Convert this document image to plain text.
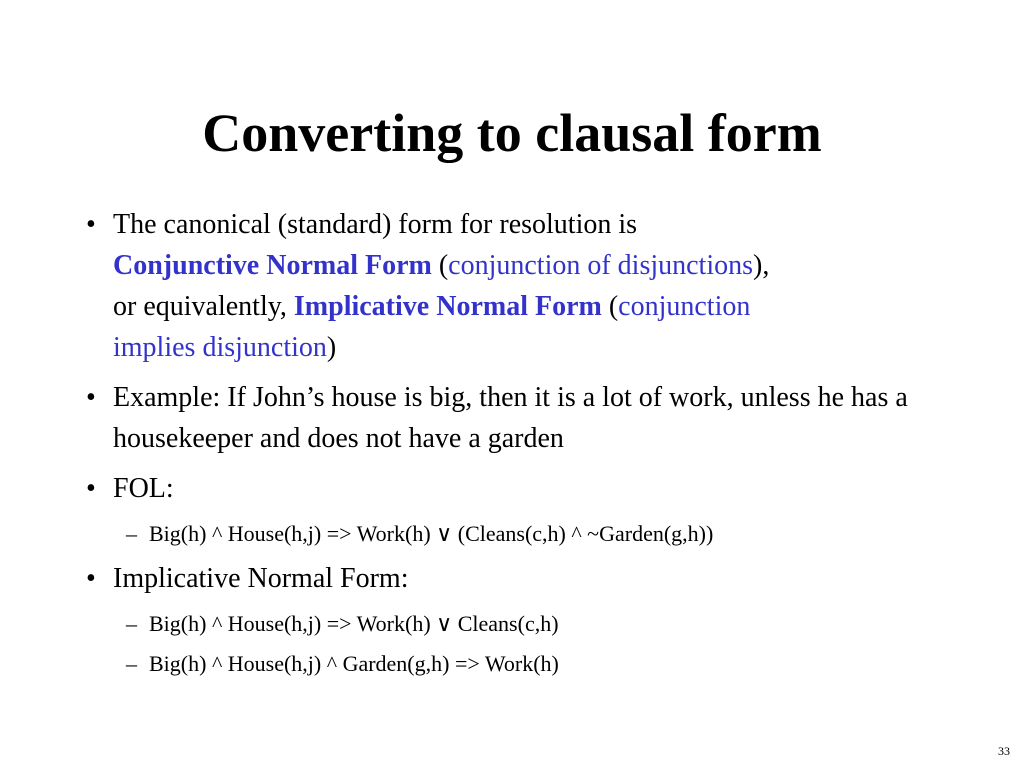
Converting to clausal form
• The canonical (standard) form for resolution is
Conjunctive Normal Form (conjunction of disjunctions),
or equivalently, Implicative Normal Form (conjunction
implies disjunction)
• Example: If John’s house is big, then it is a lot of work, unless he has a housekeeper and does not have a garden
• FOL:
– Big(h) ^ House(h,j) => Work(h) ∨ (Cleans(c,h) ^ ~Garden(g,h))
• Implicative Normal Form:
– Big(h) ^ House(h,j) => Work(h) ∨ Cleans(c,h)
– Big(h) ^ House(h,j) ^ Garden(g,h) => Work(h)
33
